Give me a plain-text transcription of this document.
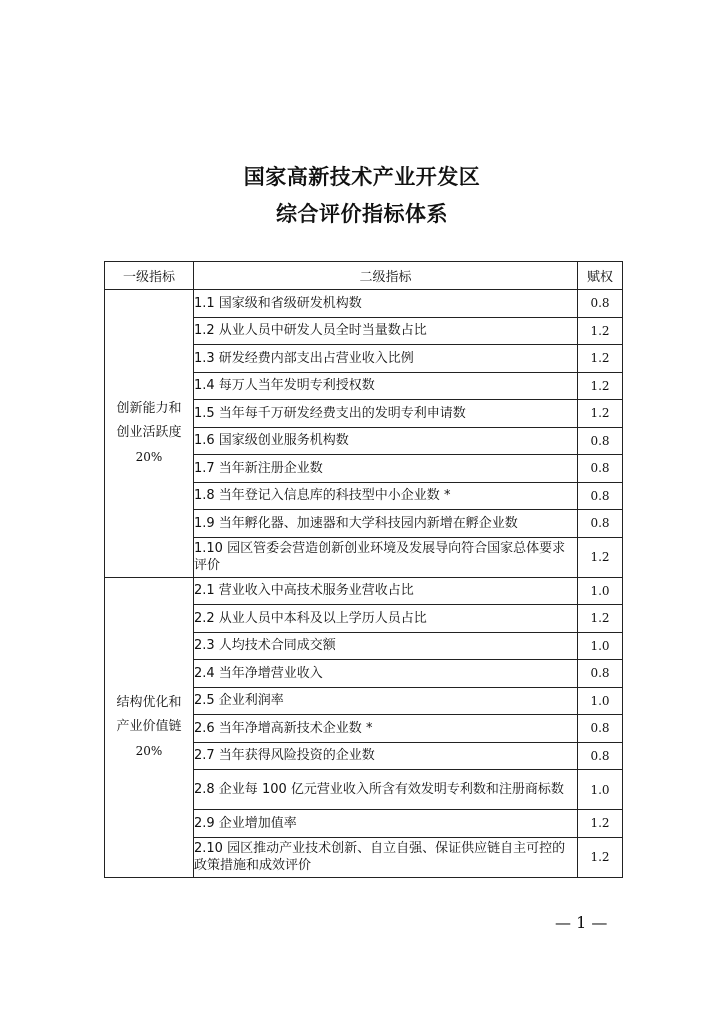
国家高新技术产业开发区
综合评价指标体系
一级指标	二级指标	赋权

创新能力和
创业活跃度
20%	1.1 国家级和省级研发机构数	0.8
	1.2 从业人员中研发人员全时当量数占比	1.2
	1.3 研发经费内部支出占营业收入比例	1.2
	1.4 每万人当年发明专利授权数	1.2
	1.5 当年每千万研发经费支出的发明专利申请数	1.2
	1.6 国家级创业服务机构数	0.8
	1.7 当年新注册企业数	0.8
	1.8 当年登记入信息库的科技型中小企业数 *	0.8
	1.9 当年孵化器、加速器和大学科技园内新增在孵企业数	0.8
	1.10 园区管委会营造创新创业环境及发展导向符合国家总体要求评价	1.2

结构优化和
产业价值链
20%	2.1 营业收入中高技术服务业营收占比	1.0
	2.2 从业人员中本科及以上学历人员占比	1.2
	2.3 人均技术合同成交额	1.0
	2.4 当年净增营业收入	0.8
	2.5 企业利润率	1.0
	2.6 当年净增高新技术企业数 *	0.8
	2.7 当年获得风险投资的企业数	0.8
	2.8 企业每 100 亿元营业收入所含有效发明专利数和注册商标数	1.0
	2.9 企业增加值率	1.2
	2.10 园区推动产业技术创新、自立自强、保证供应链自主可控的政策措施和成效评价	1.2
— 1 —
